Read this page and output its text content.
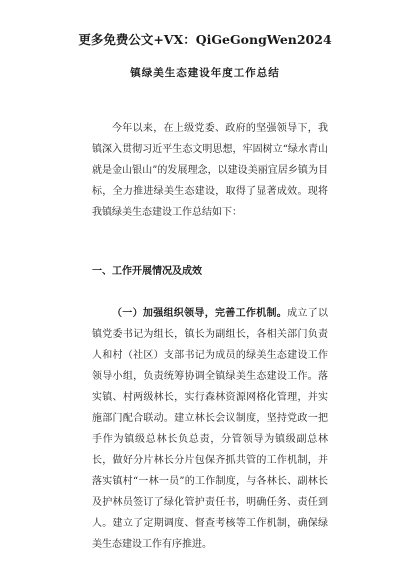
更多免费公文+VX：QiGeGongWen2024
镇绿美生态建设年度工作总结

今年以来，在上级党委、政府的坚强领导下，我镇深入贯彻习近平生态文明思想，牢固树立“绿水青山就是金山银山”的发展理念，以建设美丽宜居乡镇为目标，全力推进绿美生态建设，取得了显著成效。现将我镇绿美生态建设工作总结如下：

一、工作开展情况及成效

（一）加强组织领导，完善工作机制。成立了以镇党委书记为组长，镇长为副组长，各相关部门负责人和村（社区）支部书记为成员的绿美生态建设工作领导小组，负责统筹协调全镇绿美生态建设工作。落实镇、村两级林长，实行森林资源网格化管理，并实施部门配合联动。建立林长会议制度，坚持党政一把手作为镇级总林长负总责，分管领导为镇级副总林长，做好分片林长分片包保齐抓共管的工作机制，并落实镇村“一林一员”的工作制度，与各林长、副林长及护林员签订了绿化管护责任书，明确任务、责任到人。建立了定期调度、督查考核等工作机制，确保绿美生态建设工作有序推进。
